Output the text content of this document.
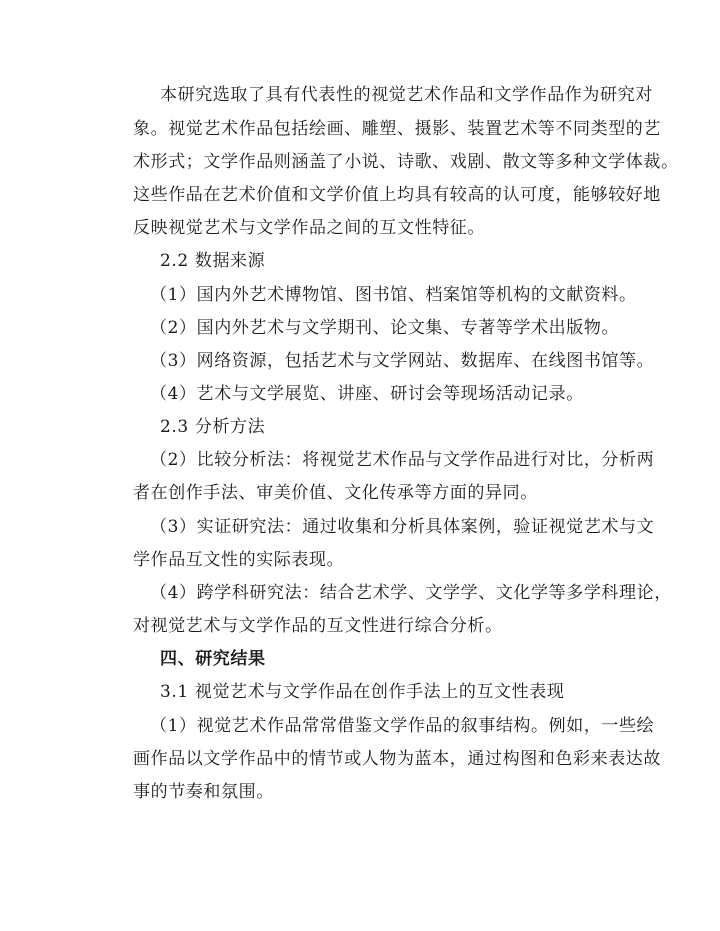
本研究选取了具有代表性的视觉艺术作品和文学作品作为研究对
象。视觉艺术作品包括绘画、雕塑、摄影、装置艺术等不同类型的艺
术形式；文学作品则涵盖了小说、诗歌、戏剧、散文等多种文学体裁。
这些作品在艺术价值和文学价值上均具有较高的认可度，能够较好地
反映视觉艺术与文学作品之间的互文性特征。
2.2 数据来源
（1）国内外艺术博物馆、图书馆、档案馆等机构的文献资料。
（2）国内外艺术与文学期刊、论文集、专著等学术出版物。
（3）网络资源，包括艺术与文学网站、数据库、在线图书馆等。
（4）艺术与文学展览、讲座、研讨会等现场活动记录。
2.3 分析方法
（2）比较分析法：将视觉艺术作品与文学作品进行对比，分析两
者在创作手法、审美价值、文化传承等方面的异同。
（3）实证研究法：通过收集和分析具体案例，验证视觉艺术与文
学作品互文性的实际表现。
（4）跨学科研究法：结合艺术学、文学学、文化学等多学科理论，
对视觉艺术与文学作品的互文性进行综合分析。
四、研究结果
3.1 视觉艺术与文学作品在创作手法上的互文性表现
（1）视觉艺术作品常常借鉴文学作品的叙事结构。例如，一些绘
画作品以文学作品中的情节或人物为蓝本，通过构图和色彩来表达故
事的节奏和氛围。
